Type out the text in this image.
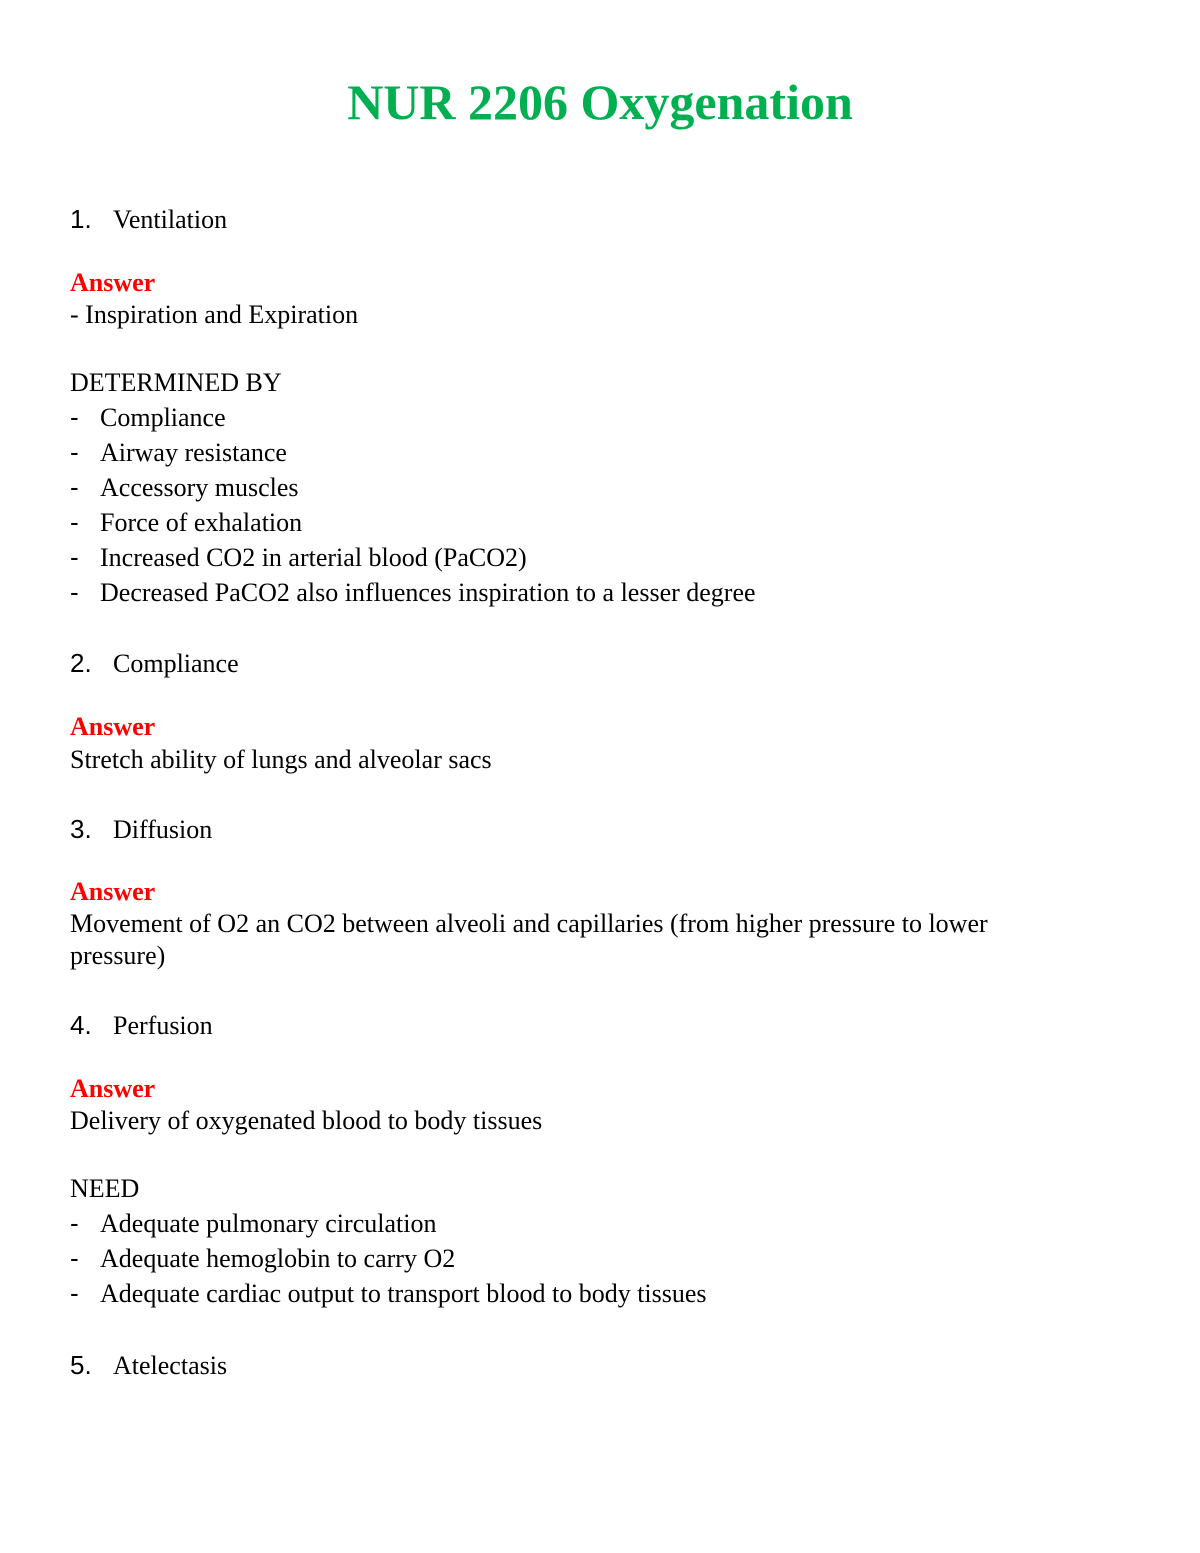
NUR 2206 Oxygenation
1. Ventilation
Answer
- Inspiration and Expiration
DETERMINED BY
- Compliance
- Airway resistance
- Accessory muscles
- Force of exhalation
- Increased CO2 in arterial blood (PaCO2)
- Decreased PaCO2 also influences inspiration to a lesser degree
2. Compliance
Answer
Stretch ability of lungs and alveolar sacs
3. Diffusion
Answer
Movement of O2 an CO2 between alveoli and capillaries (from higher pressure to lower pressure)
4. Perfusion
Answer
Delivery of oxygenated blood to body tissues
NEED
- Adequate pulmonary circulation
- Adequate hemoglobin to carry O2
- Adequate cardiac output to transport blood to body tissues
5. Atelectasis
